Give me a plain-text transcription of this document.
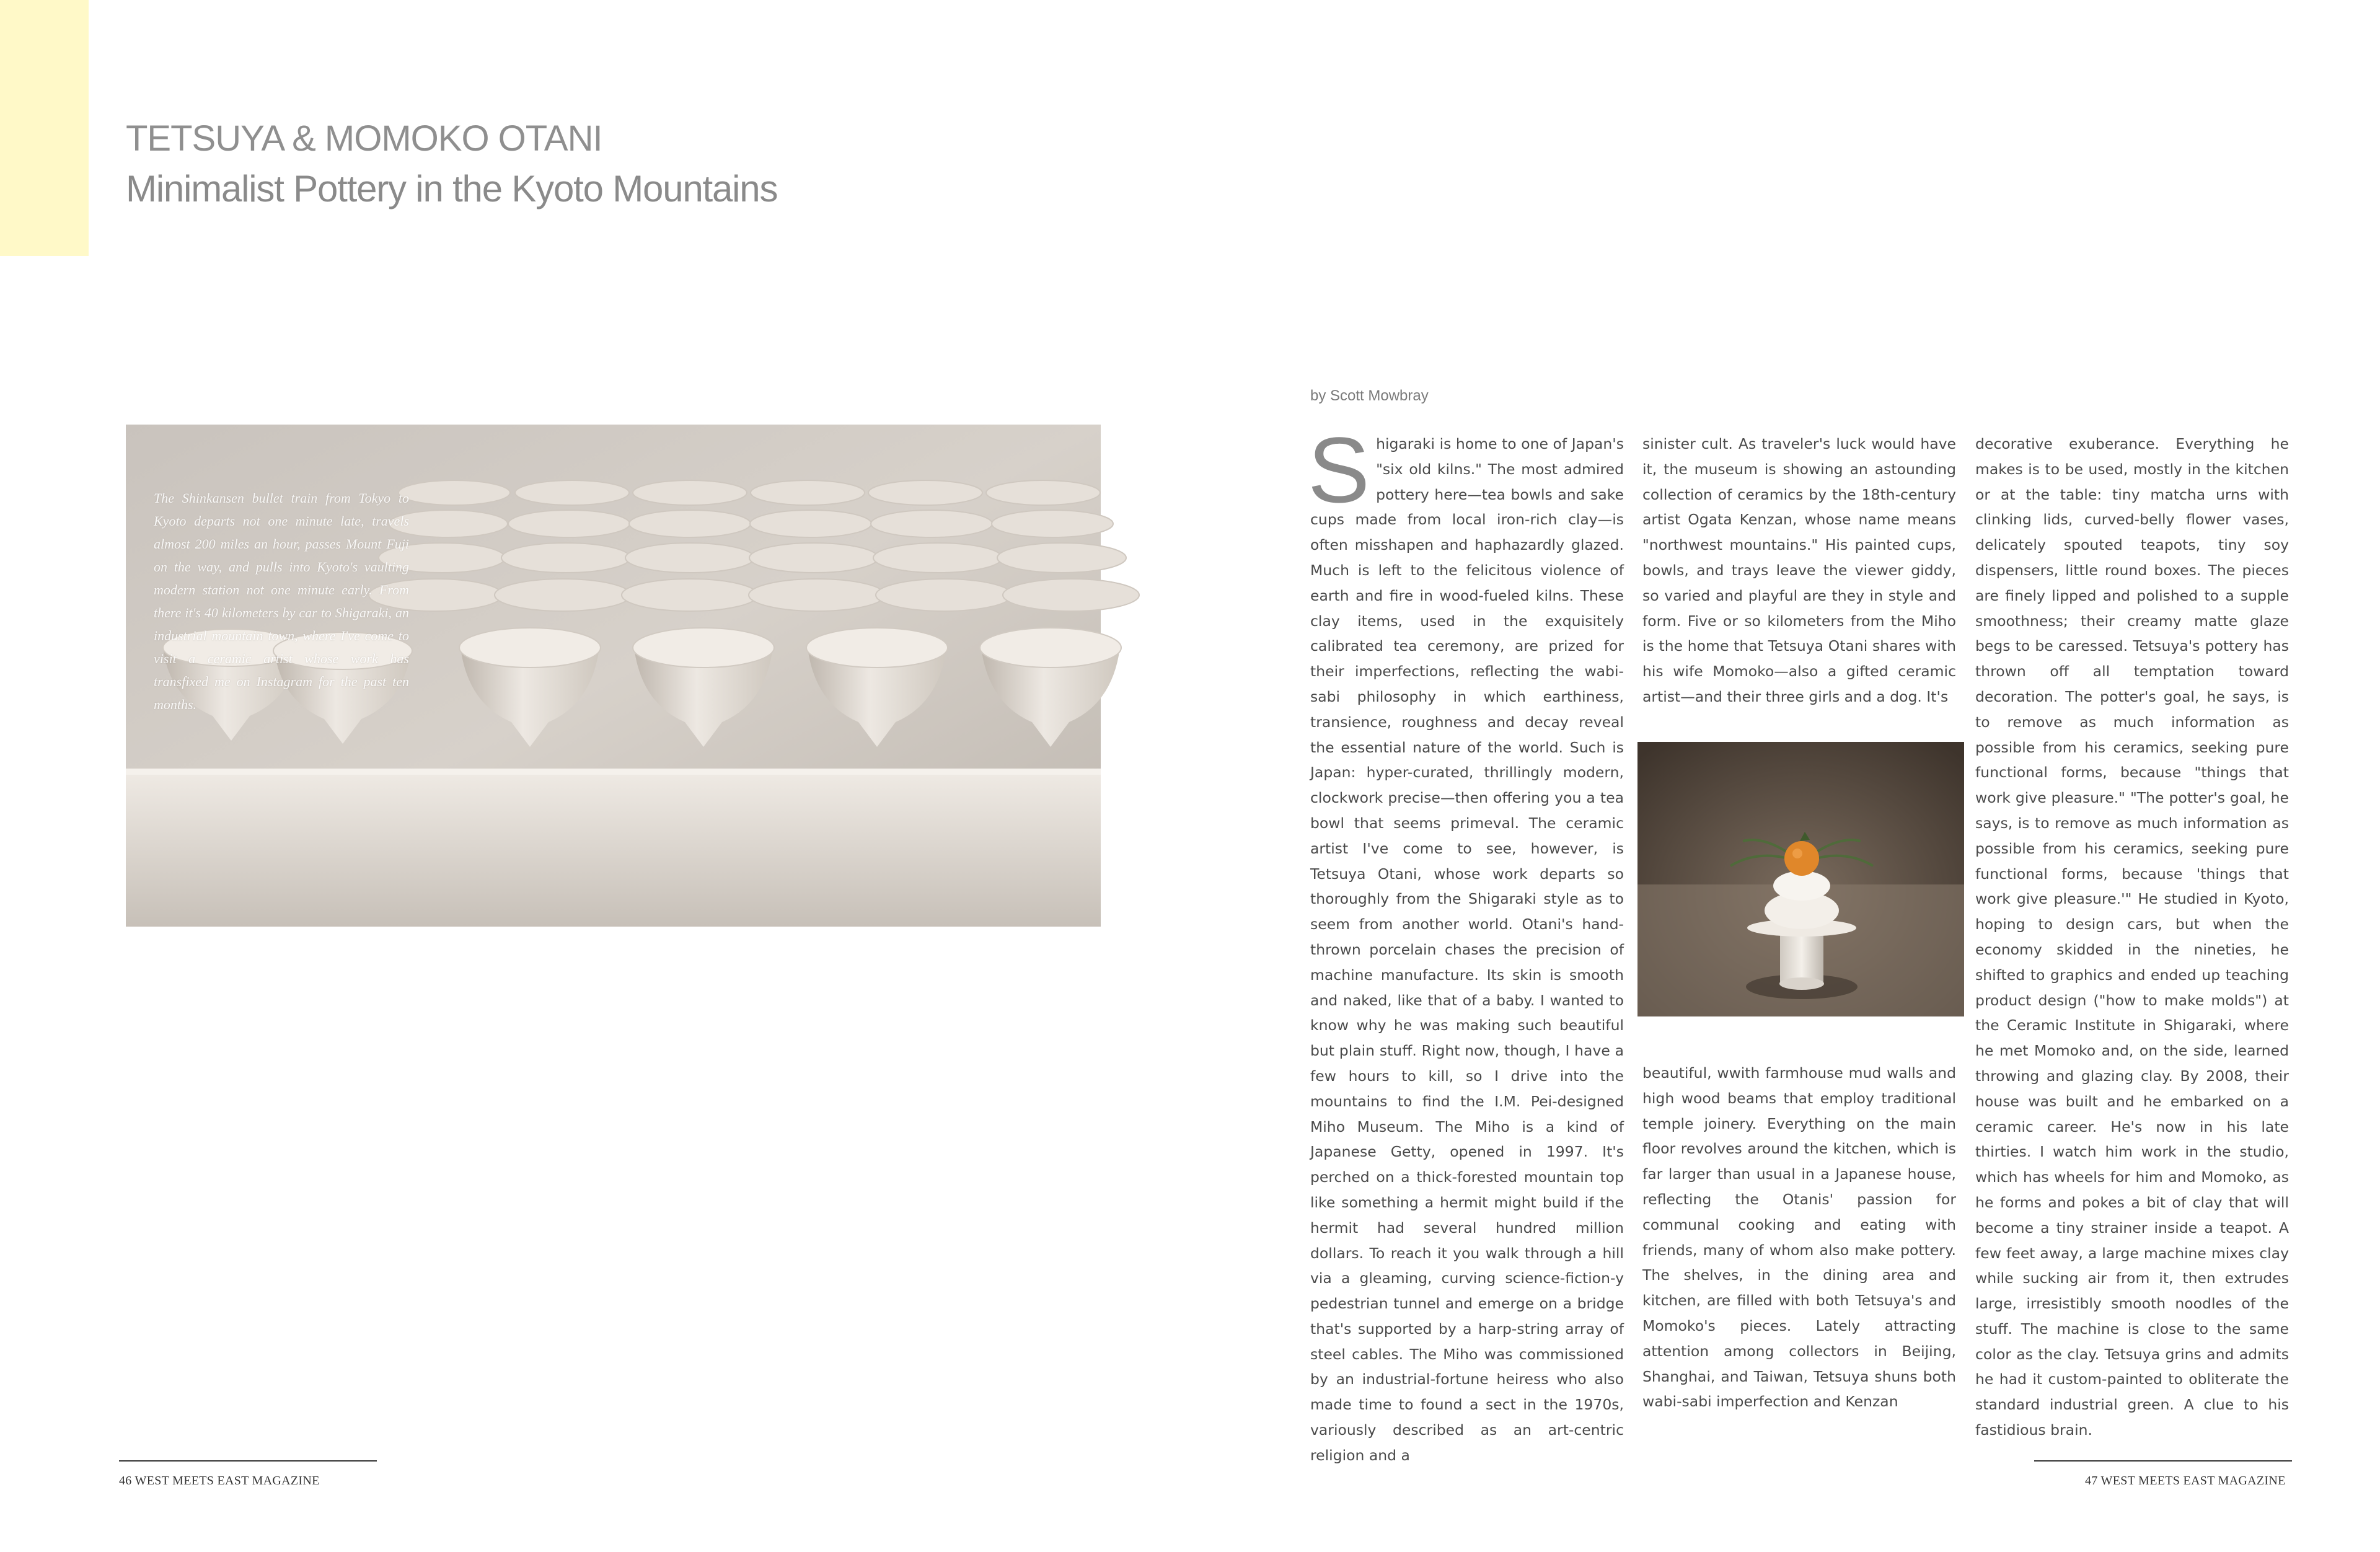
TETSUYA & MOMOKO OTANI
Minimalist Pottery in the Kyoto Mountains
The Shinkansen bullet train from Tokyo to Kyoto departs not one minute late, travels almost 200 miles an hour, passes Mount Fuji on the way, and pulls into Kyoto's vaulting modern station not one minute early. From there it's 40 kilometers by car to Shigaraki, an industrial mountain town, where I've come to visit a ceramic artist whose work has transfixed me on Instagram for the past ten months.
by Scott Mowbray
Shigaraki is home to one of Japan's "six old kilns." The most admired pottery here—tea bowls and sake cups made from local iron-rich clay—is often misshapen and haphazardly glazed. Much is left to the felicitous violence of earth and fire in wood-fueled kilns. These clay items, used in the exquisitely calibrated tea ceremony, are prized for their imperfections, reflecting the wabi-sabi philosophy in which earthiness, transience, roughness and decay reveal the essential nature of the world. Such is Japan: hyper-curated, thrillingly modern, clockwork precise—then offering you a tea bowl that seems primeval. The ceramic artist I've come to see, however, is Tetsuya Otani, whose work departs so thoroughly from the Shigaraki style as to seem from another world. Otani's hand-thrown porcelain chases the precision of machine manufacture. Its skin is smooth and naked, like that of a baby. I wanted to know why he was making such beautiful but plain stuff. Right now, though, I have a few hours to kill, so I drive into the mountains to find the I.M. Pei-designed Miho Museum. The Miho is a kind of Japanese Getty, opened in 1997. It's perched on a thick-forested mountain top like something a hermit might build if the hermit had several hundred million dollars. To reach it you walk through a hill via a gleaming, curving science-fiction-y pedestrian tunnel and emerge on a bridge that's supported by a harp-string array of steel cables. The Miho was commissioned by an industrial-fortune heiress who also made time to found a sect in the 1970s, variously described as an art-centric religion and a
sinister cult. As traveler's luck would have it, the museum is showing an astounding collection of ceramics by the 18th-century artist Ogata Kenzan, whose name means "northwest mountains." His painted cups, bowls, and trays leave the viewer giddy, so varied and playful are they in style and form. Five or so kilometers from the Miho is the home that Tetsuya Otani shares with his wife Momoko—also a gifted ceramic artist—and their three girls and a dog. It's
beautiful, wwith farmhouse mud walls and high wood beams that employ traditional temple joinery. Everything on the main floor revolves around the kitchen, which is far larger than usual in a Japanese house, reflecting the Otanis' passion for communal cooking and eating with friends, many of whom also make pottery. The shelves, in the dining area and kitchen, are filled with both Tetsuya's and Momoko's pieces. Lately attracting attention among collectors in Beijing, Shanghai, and Taiwan, Tetsuya shuns both wabi-sabi imperfection and Kenzan
decorative exuberance. Everything he makes is to be used, mostly in the kitchen or at the table: tiny matcha urns with clinking lids, curved-belly flower vases, delicately spouted teapots, tiny soy dispensers, little round boxes. The pieces are finely lipped and polished to a supple smoothness; their creamy matte glaze begs to be caressed. Tetsuya's pottery has thrown off all temptation toward decoration. The potter's goal, he says, is to remove as much information as possible from his ceramics, seeking pure functional forms, because "things that work give pleasure." "The potter's goal, he says, is to remove as much information as possible from his ceramics, seeking pure functional forms, because 'things that work give pleasure.'" He studied in Kyoto, hoping to design cars, but when the economy skidded in the nineties, he shifted to graphics and ended up teaching product design ("how to make molds") at the Ceramic Institute in Shigaraki, where he met Momoko and, on the side, learned throwing and glazing clay. By 2008, their house was built and he embarked on a ceramic career. He's now in his late thirties. I watch him work in the studio, which has wheels for him and Momoko, as he forms and pokes a bit of clay that will become a tiny strainer inside a teapot. A few feet away, a large machine mixes clay while sucking air from it, then extrudes large, irresistibly smooth noodles of the stuff. The machine is close to the same color as the clay. Tetsuya grins and admits he had it custom-painted to obliterate the standard industrial green. A clue to his fastidious brain.
46 WEST MEETS EAST MAGAZINE	47 WEST MEETS EAST MAGAZINE
